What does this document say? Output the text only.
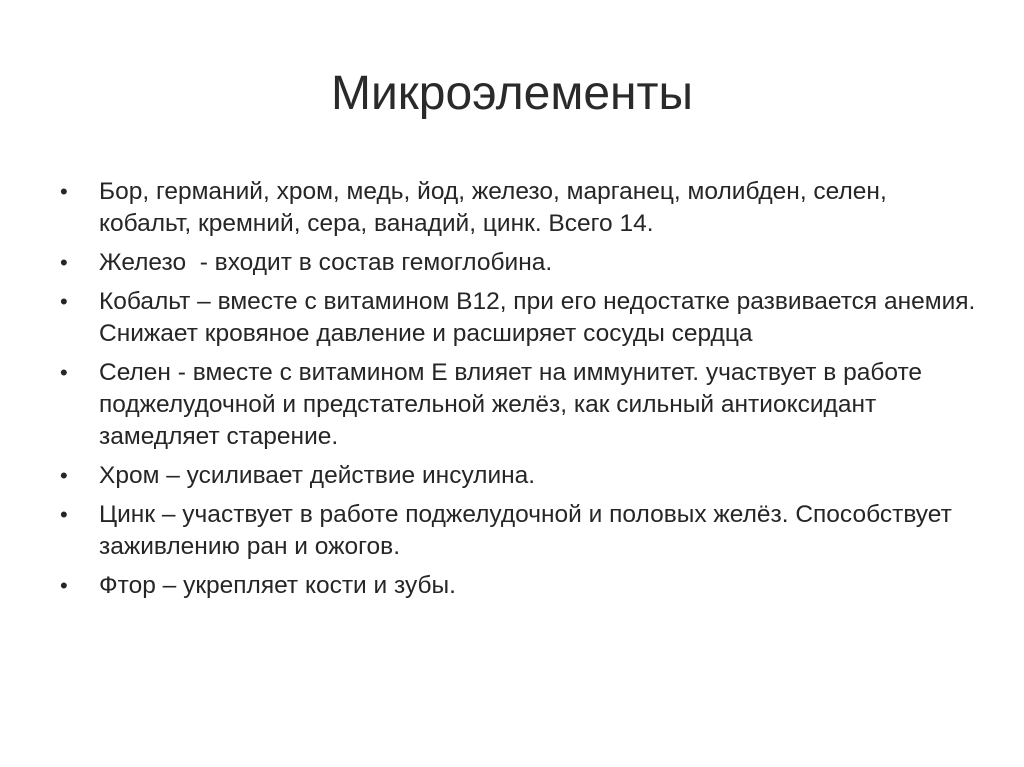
Микроэлементы
•	Бор, германий, хром, медь, йод, железо, марганец, молибден, селен, кобальт, кремний, сера, ванадий, цинк. Всего 14.
•	Железо  - входит в состав гемоглобина.
•	Кобальт – вместе с витамином В12, при его недостатке развивается анемия. Снижает кровяное давление и расширяет сосуды сердца
•	Селен - вместе с витамином Е влияет на иммунитет. участвует в работе поджелудочной и предстательной желёз, как сильный антиоксидант замедляет старение.
•	Хром – усиливает действие инсулина.
•	Цинк – участвует в работе поджелудочной и половых желёз. Способствует заживлению ран и ожогов.
•	Фтор – укрепляет кости и зубы.
